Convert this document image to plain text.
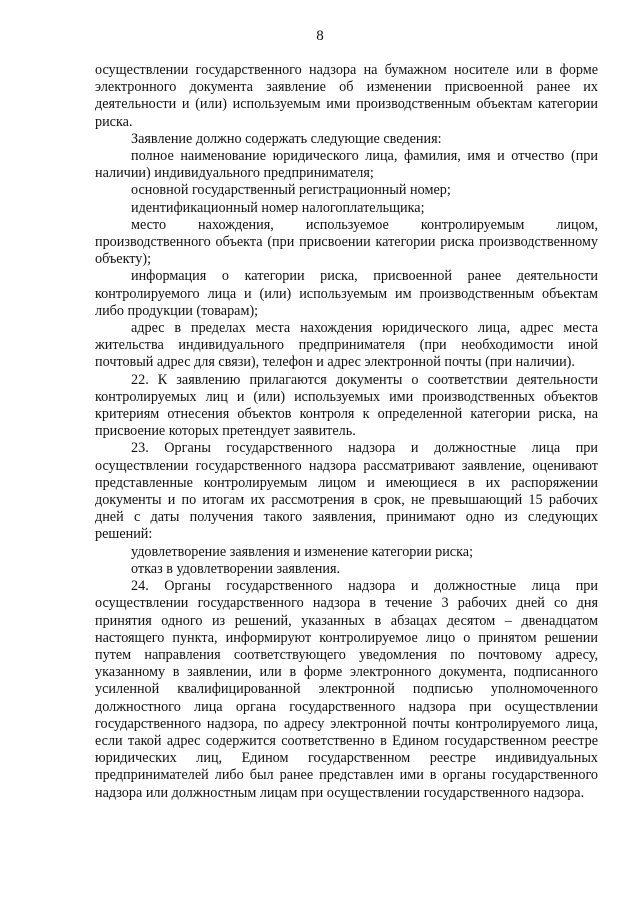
8

осуществлении государственного надзора на бумажном носителе или в форме электронного документа заявление об изменении присвоенной ранее их деятельности и (или) используемым ими производственным объектам категории риска.

Заявление должно содержать следующие сведения:

полное наименование юридического лица, фамилия, имя и отчество (при наличии) индивидуального предпринимателя;

основной государственный регистрационный номер;

идентификационный номер налогоплательщика;

место нахождения, используемое контролируемым лицом, производственного объекта (при присвоении категории риска производственному объекту);

информация о категории риска, присвоенной ранее деятельности контролируемого лица и (или) используемым им производственным объектам либо продукции (товарам);

адрес в пределах места нахождения юридического лица, адрес места жительства индивидуального предпринимателя (при необходимости иной почтовый адрес для связи), телефон и адрес электронной почты (при наличии).

22. К заявлению прилагаются документы о соответствии деятельности контролируемых лиц и (или) используемых ими производственных объектов критериям отнесения объектов контроля к определенной категории риска, на присвоение которых претендует заявитель.

23. Органы государственного надзора и должностные лица при осуществлении государственного надзора рассматривают заявление, оценивают представленные контролируемым лицом и имеющиеся в их распоряжении документы и по итогам их рассмотрения в срок, не превышающий 15 рабочих дней с даты получения такого заявления, принимают одно из следующих решений:

удовлетворение заявления и изменение категории риска;

отказ в удовлетворении заявления.

24. Органы государственного надзора и должностные лица при осуществлении государственного надзора в течение 3 рабочих дней со дня принятия одного из решений, указанных в абзацах десятом – двенадцатом настоящего пункта, информируют контролируемое лицо о принятом решении путем направления соответствующего уведомления по почтовому адресу, указанному в заявлении, или в форме электронного документа, подписанного усиленной квалифицированной электронной подписью уполномоченного должностного лица органа государственного надзора при осуществлении государственного надзора, по адресу электронной почты контролируемого лица, если такой адрес содержится соответственно в Едином государственном реестре юридических лиц, Едином государственном реестре индивидуальных предпринимателей либо был ранее представлен ими в органы государственного надзора или должностным лицам при осуществлении государственного надзора.
